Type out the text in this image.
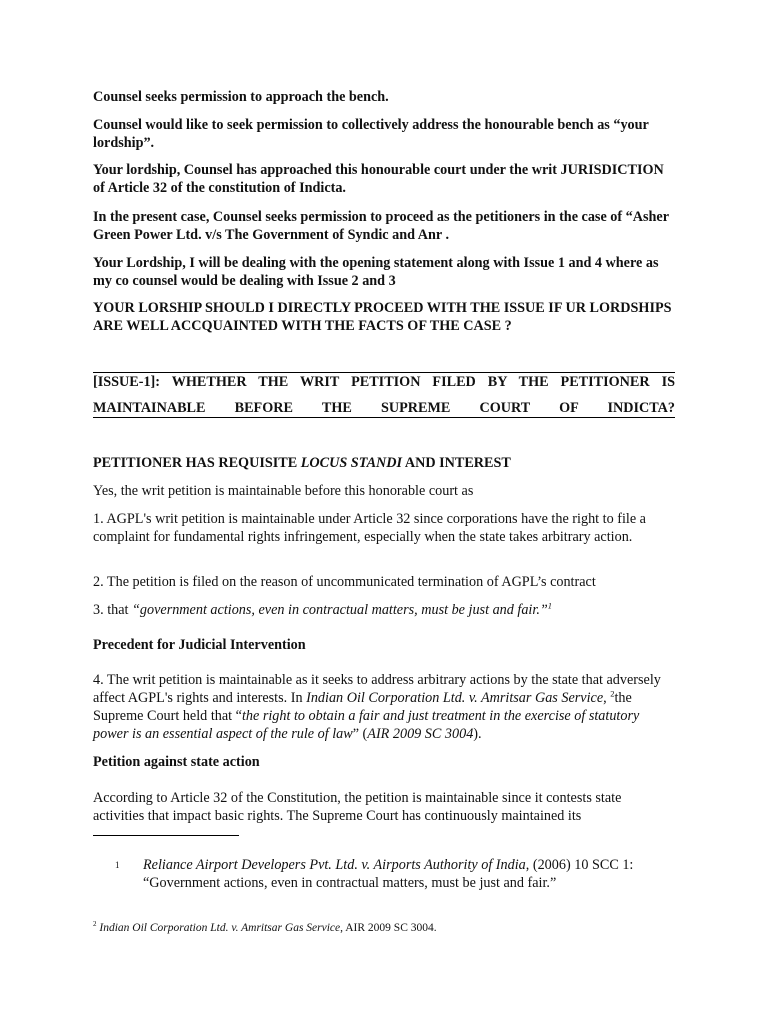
Counsel seeks permission to approach the bench.

Counsel would like to seek permission to collectively address the honourable bench as “your lordship”.

Your lordship, Counsel has approached this honourable court under the writ JURISDICTION of Article 32 of the constitution of Indicta.

In the present case, Counsel seeks permission to proceed as the petitioners in the case of “Asher Green Power Ltd. v/s The Government of Syndic and Anr .

Your Lordship, I will be dealing with the opening statement along with Issue 1 and 4 where as my co counsel would be dealing with Issue 2 and 3

YOUR LORSHIP SHOULD I DIRECTLY PROCEED WITH THE ISSUE IF UR LORDSHIPS ARE WELL ACCQUAINTED WITH THE FACTS OF THE CASE ?

[ISSUE-1]: WHETHER THE WRIT PETITION FILED BY THE PETITIONER IS
MAINTAINABLE BEFORE THE SUPREME COURT OF INDICTA?

PETITIONER HAS REQUISITE LOCUS STANDI AND INTEREST

Yes, the writ petition is maintainable before this honorable court as

1. AGPL's writ petition is maintainable under Article 32 since corporations have the right to file a complaint for fundamental rights infringement, especially when the state takes arbitrary action.

2. The petition is filed on the reason of uncommunicated termination of AGPL’s contract

3. that “government actions, even in contractual matters, must be just and fair.”$^1$

Precedent for Judicial Intervention

4. The writ petition is maintainable as it seeks to address arbitrary actions by the state that adversely affect AGPL's rights and interests. In Indian Oil Corporation Ltd. v. Amritsar Gas Service, $^2$the Supreme Court held that “the right to obtain a fair and just treatment in the exercise of statutory power is an essential aspect of the rule of law” (AIR 2009 SC 3004).

Petition against state action

According to Article 32 of the Constitution, the petition is maintainable since it contests state activities that impact basic rights. The Supreme Court has continuously maintained its

1 Reliance Airport Developers Pvt. Ltd. v. Airports Authority of India, (2006) 10 SCC 1: “Government actions, even in contractual matters, must be just and fair.”
$^2$ Indian Oil Corporation Ltd. v. Amritsar Gas Service, AIR 2009 SC 3004.
